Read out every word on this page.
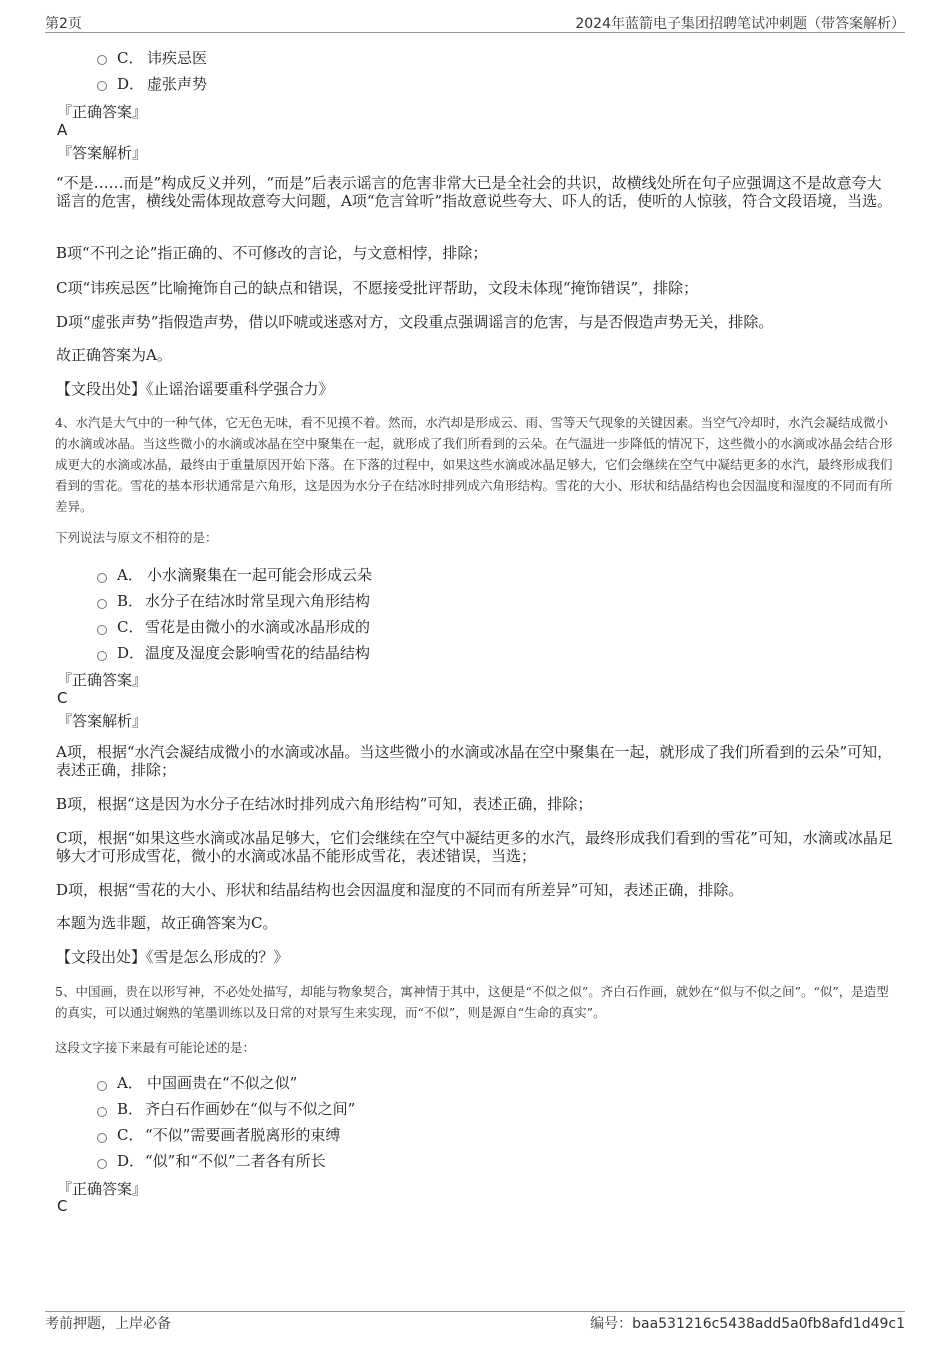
第2页	2024年蓝箭电子集团招聘笔试冲刺题（带答案解析）
C． 讳疾忌医
D． 虚张声势
『正确答案』
A
『答案解析』
“不是……而是”构成反义并列，“而是”后表示谣言的危害非常大已是全社会的共识，故横线处所在句子应强调这不是故意夸大谣言的危害，横线处需体现故意夸大问题，A项“危言耸听”指故意说些夸大、吓人的话，使听的人惊骇，符合文段语境，当选。
B项“不刊之论”指正确的、不可修改的言论，与文意相悖，排除；
C项“讳疾忌医”比喻掩饰自己的缺点和错误，不愿接受批评帮助，文段未体现“掩饰错误”，排除；
D项“虚张声势”指假造声势，借以吓唬或迷惑对方，文段重点强调谣言的危害，与是否假造声势无关，排除。
故正确答案为A。
【文段出处】《止谣治谣要重科学强合力》
4、水汽是大气中的一种气体，它无色无味，看不见摸不着。然而，水汽却是形成云、雨、雪等天气现象的关键因素。当空气冷却时，水汽会凝结成微小的水滴或冰晶。当这些微小的水滴或冰晶在空中聚集在一起，就形成了我们所看到的云朵。在气温进一步降低的情况下，这些微小的水滴或冰晶会结合形成更大的水滴或冰晶，最终由于重量原因开始下落。在下落的过程中，如果这些水滴或冰晶足够大，它们会继续在空气中凝结更多的水汽，最终形成我们看到的雪花。雪花的基本形状通常是六角形，这是因为水分子在结冰时排列成六角形结构。雪花的大小、形状和结晶结构也会因温度和湿度的不同而有所差异。
下列说法与原文不相符的是：
A． 小水滴聚集在一起可能会形成云朵
B． 水分子在结冰时常呈现六角形结构
C． 雪花是由微小的水滴或冰晶形成的
D． 温度及湿度会影响雪花的结晶结构
『正确答案』
C
『答案解析』
A项，根据“水汽会凝结成微小的水滴或冰晶。当这些微小的水滴或冰晶在空中聚集在一起，就形成了我们所看到的云朵”可知，表述正确，排除；
B项，根据“这是因为水分子在结冰时排列成六角形结构”可知，表述正确，排除；
C项，根据“如果这些水滴或冰晶足够大，它们会继续在空气中凝结更多的水汽，最终形成我们看到的雪花”可知，水滴或冰晶足够大才可形成雪花，微小的水滴或冰晶不能形成雪花，表述错误，当选；
D项，根据“雪花的大小、形状和结晶结构也会因温度和湿度的不同而有所差异”可知，表述正确，排除。
本题为选非题，故正确答案为C。
【文段出处】《雪是怎么形成的？》
5、中国画，贵在以形写神，不必处处描写，却能与物象契合，寓神情于其中，这便是“不似之似”。齐白石作画，就妙在“似与不似之间”。“似”，是造型的真实，可以通过娴熟的笔墨训练以及日常的对景写生来实现，而“不似”，则是源自“生命的真实”。
这段文字接下来最有可能论述的是：
A． 中国画贵在“不似之似”
B． 齐白石作画妙在“似与不似之间”
C． “不似”需要画者脱离形的束缚
D． “似”和“不似”二者各有所长
『正确答案』
C
考前押题，上岸必备	编号：baa531216c5438add5a0fb8afd1d49c1
